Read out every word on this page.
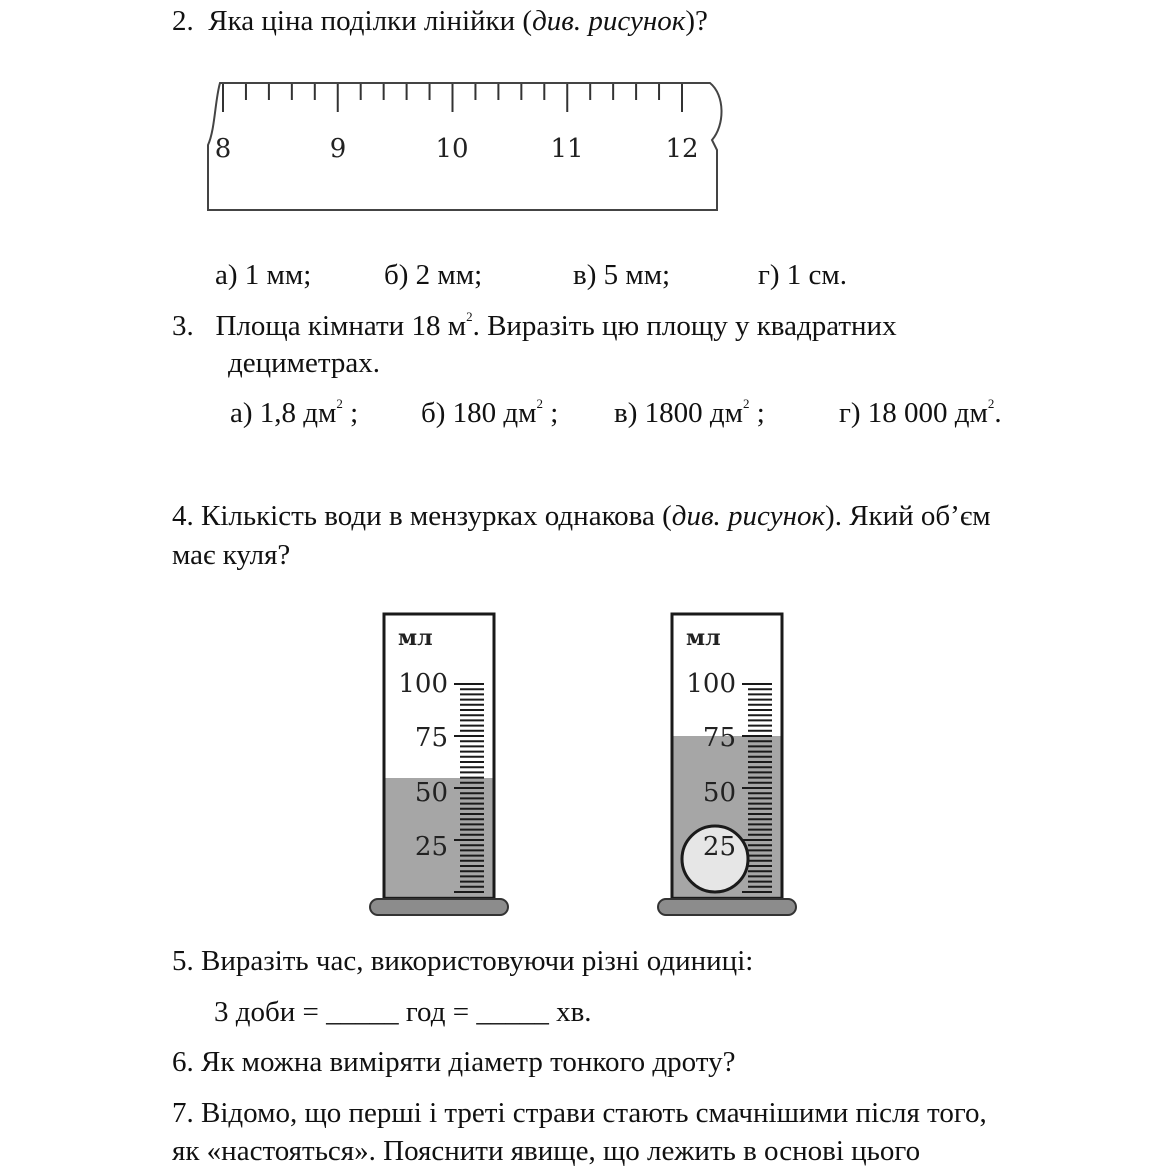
2. Яка ціна поділки лінійки (див. рисунок)?
8	9	10	11	12
а) 1 мм;	б) 2 мм;	в) 5 мм;	г) 1 см.
3. Площа кімнати 18 $м^2$. Виразіть цю площу у квадратних
дециметрах.
а) 1,8 $дм^2$ ; б) 180 $дм^2$ ; в) 1800 $дм^2$ ;	г) 18 000 $дм^2$.
4. Кількість води в мензурках однакова (див. рисунок). Який об’єм
має куля?
мл
100
75
50
25
мл
100
75
50
25
5. Виразіть час, використовуючи різні одиниці:
3 доби = _____ год = _____ хв.
6. Як можна виміряти діаметр тонкого дроту?
7. Відомо, що перші і треті страви стають смачнішими після того,
як «настояться». Пояснити явище, що лежить в основі цього
